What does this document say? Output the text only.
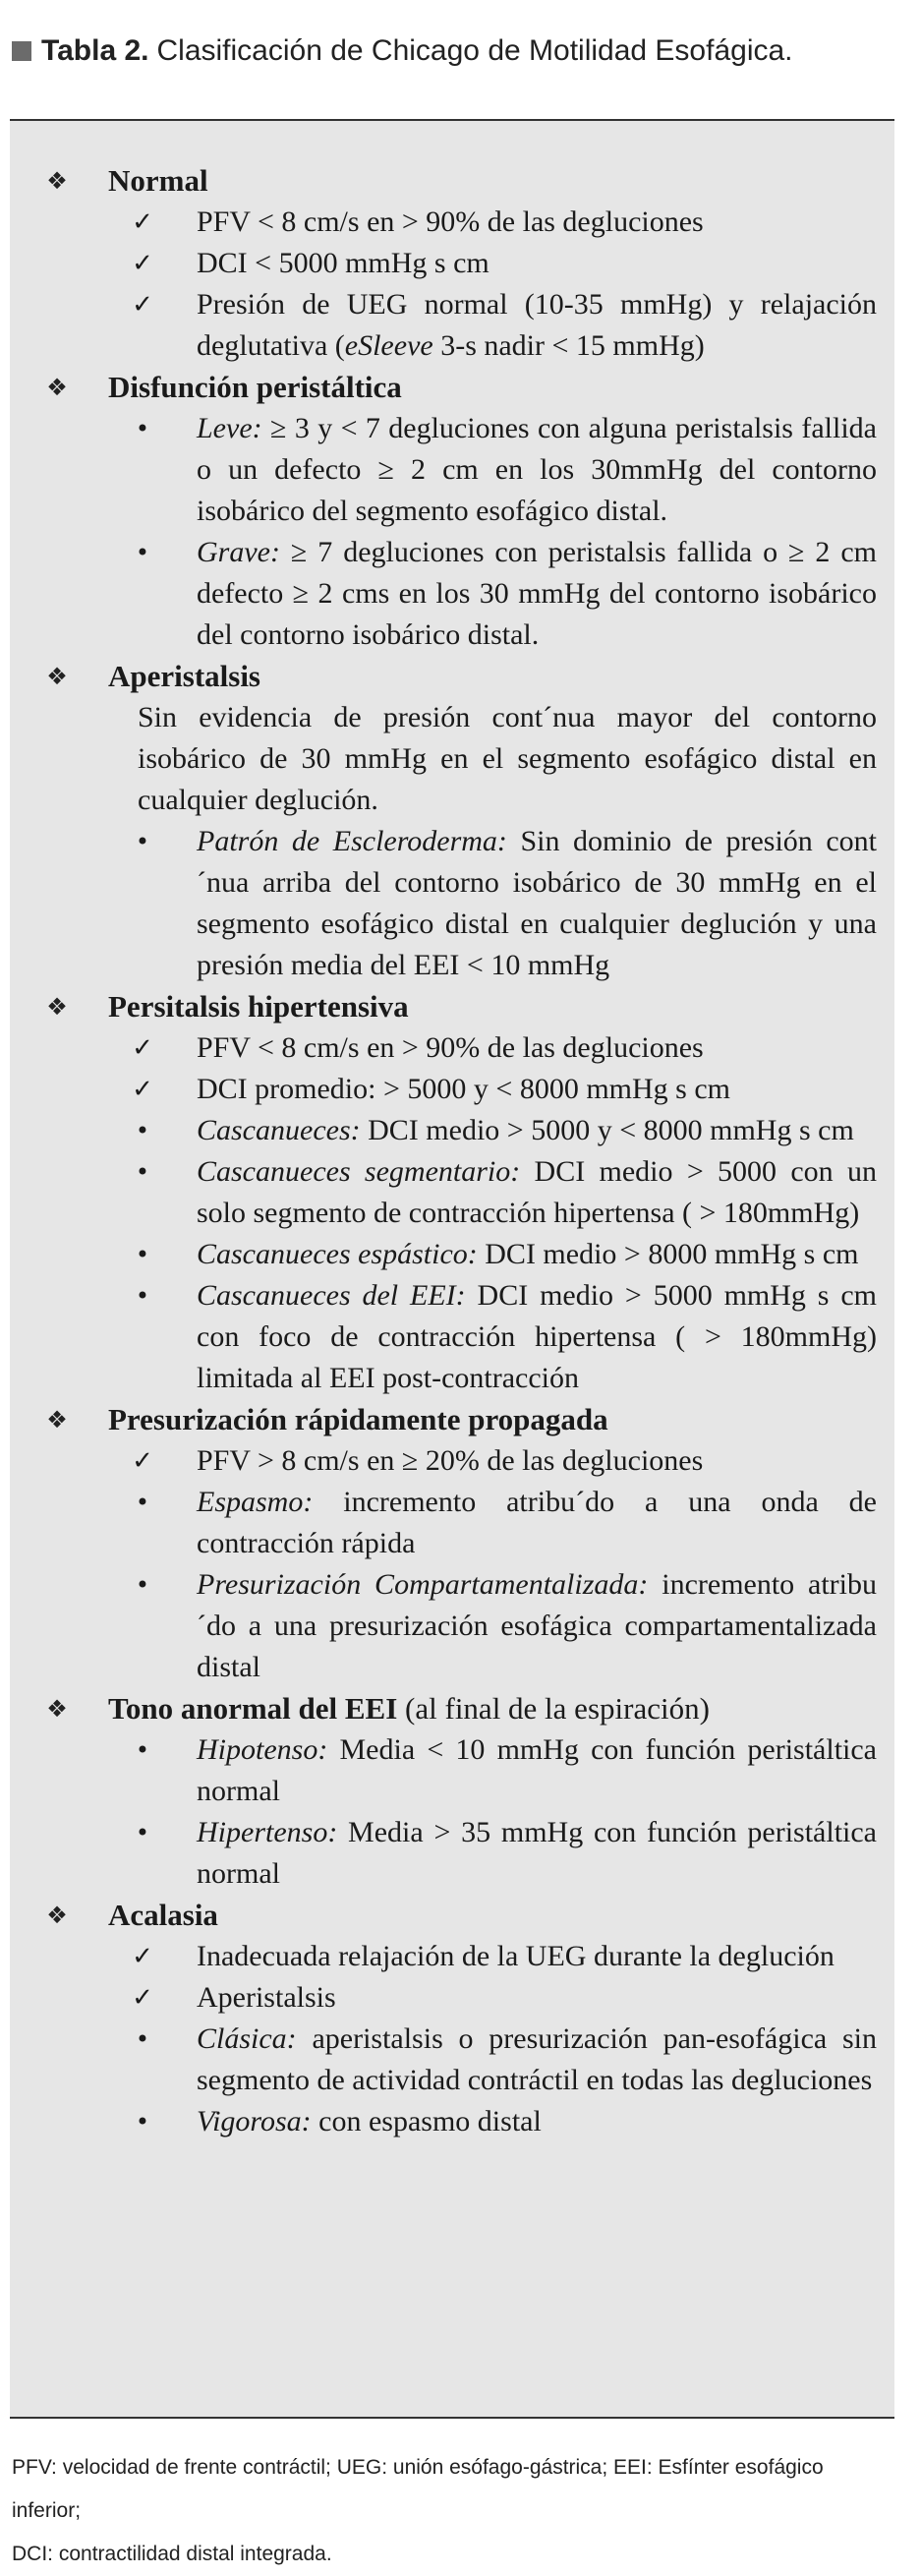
Tabla 2. Clasificación de Chicago de Motilidad Esofágica.
❖ Normal
✓ PFV < 8 cm/s en > 90% de las degluciones
✓ DCI < 5000 mmHg s cm
✓ Presión de UEG normal (10-35 mmHg) y relajación deglutativa (eSleeve 3-s nadir < 15 mmHg)
❖ Disfunción peristáltica
•	Leve: ≥ 3 y < 7 degluciones con alguna peristalsis fallida o un defecto ≥ 2 cm en los 30mmHg del contorno isobárico del segmento esofágico distal.
•	Grave: ≥ 7 degluciones con peristalsis fallida o ≥ 2 cm defecto ≥ 2 cms en los 30 mmHg del contorno isobárico del contorno isobárico distal.
❖ Aperistalsis
Sin evidencia de presión cont´nua mayor del contorno isobárico de 30 mmHg en el segmento esofágico distal en cualquier deglución.
•	Patrón de Escleroderma: Sin dominio de presión cont´nua arriba del contorno isobárico de 30 mmHg en el segmento esofágico distal en cualquier deglución y una presión media del EEI < 10 mmHg
❖ Persitalsis hipertensiva
✓ PFV < 8 cm/s en > 90% de las degluciones
✓ DCI promedio: > 5000 y < 8000 mmHg s cm
•	Cascanueces: DCI medio > 5000 y < 8000 mmHg s cm
•	Cascanueces segmentario: DCI medio > 5000 con un solo segmento de contracción hipertensa ( > 180mmHg)
•	Cascanueces espástico: DCI medio > 8000 mmHg s cm
•	Cascanueces del EEI: DCI medio > 5000 mmHg s cm con foco de contracción hipertensa ( > 180mmHg) limitada al EEI post-contracción
❖ Presurización rápidamente propagada
✓ PFV > 8 cm/s en ≥ 20% de las degluciones
•	Espasmo: incremento atribu´do a una onda de contracción rápida
•	Presurización Compartamentalizada: incremento atribu´do a una presurización esofágica compartamentalizada distal
❖ Tono anormal del EEI (al final de la espiración)
•	Hipotenso: Media < 10 mmHg con función peristáltica normal
•	Hipertenso: Media > 35 mmHg con función peristáltica normal
❖ Acalasia
✓ Inadecuada relajación de la UEG durante la deglución
✓ Aperistalsis
•	Clásica: aperistalsis o presurización pan-esofágica sin segmento de actividad contráctil en todas las degluciones
•	Vigorosa: con espasmo distal
PFV: velocidad de frente contráctil; UEG: unión esófago-gástrica; EEI: Esfínter esofágico inferior;
DCI: contractilidad distal integrada.
